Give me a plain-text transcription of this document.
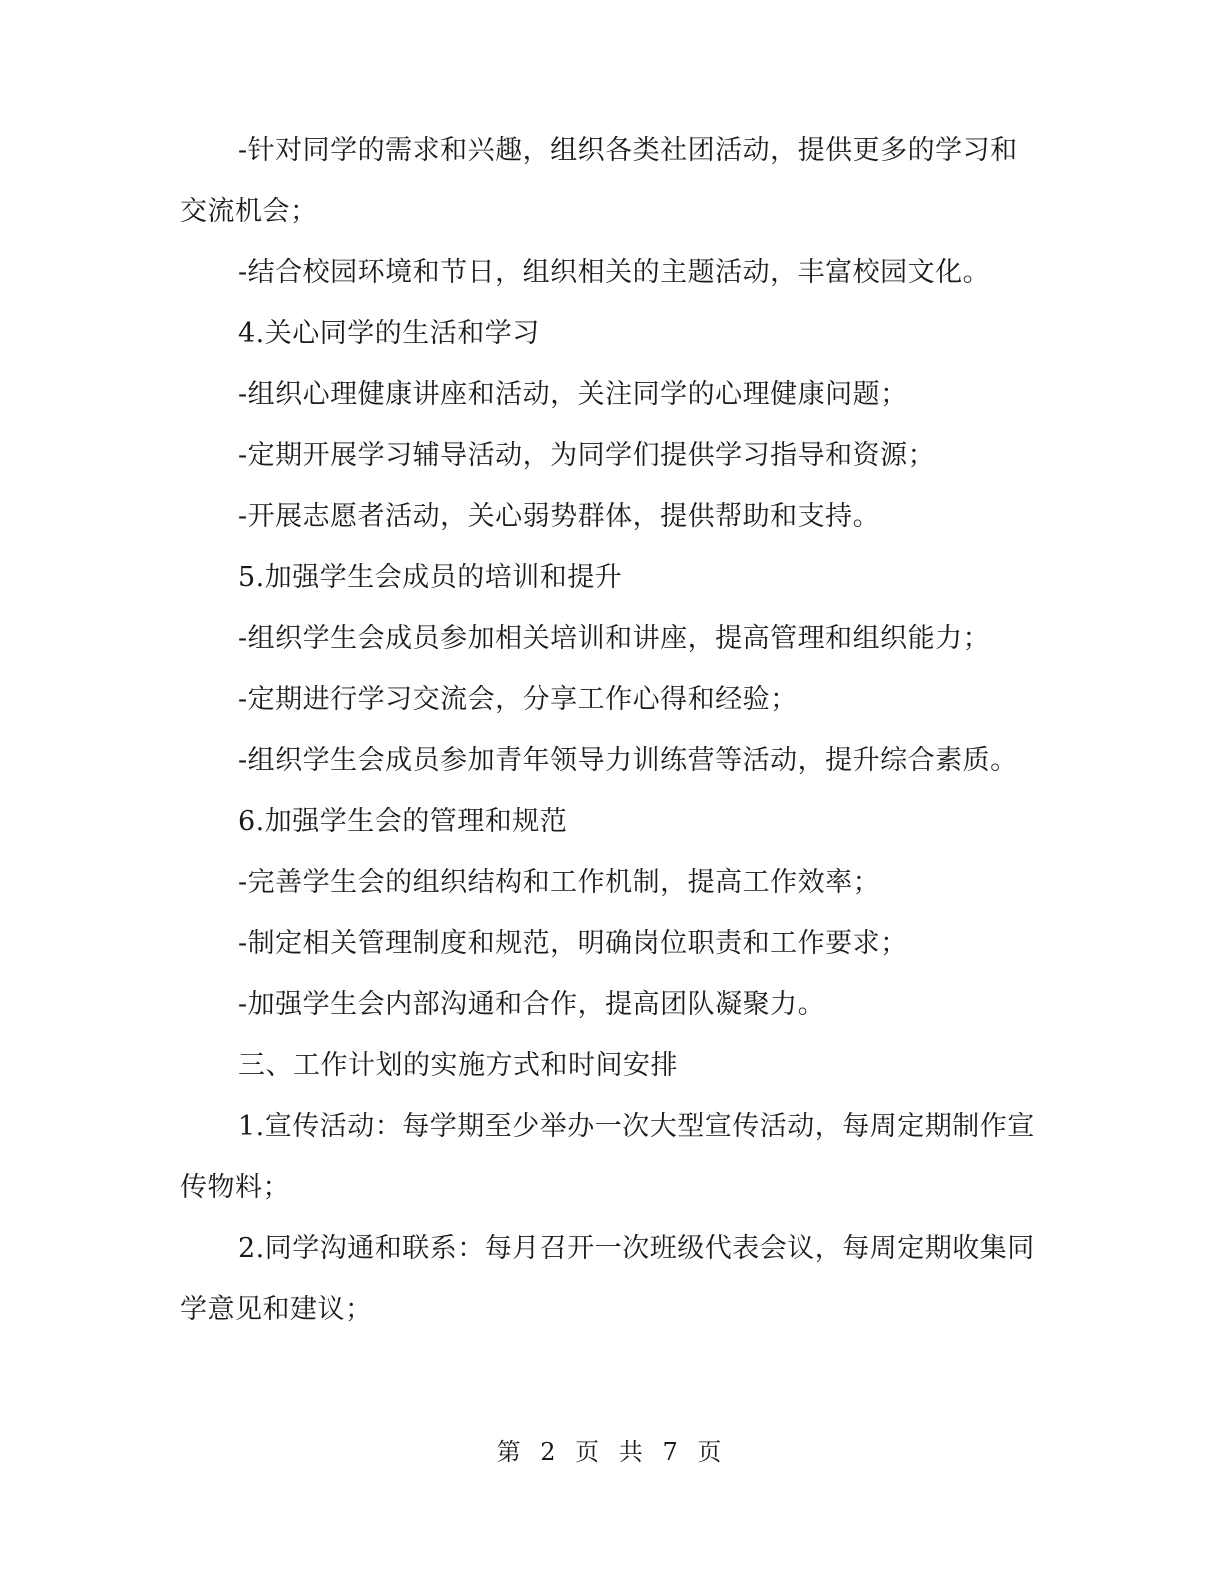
-针对同学的需求和兴趣，组织各类社团活动，提供更多的学习和交流机会；

-结合校园环境和节日，组织相关的主题活动，丰富校园文化。

4.关心同学的生活和学习

-组织心理健康讲座和活动，关注同学的心理健康问题；

-定期开展学习辅导活动，为同学们提供学习指导和资源；

-开展志愿者活动，关心弱势群体，提供帮助和支持。

5.加强学生会成员的培训和提升

-组织学生会成员参加相关培训和讲座，提高管理和组织能力；

-定期进行学习交流会，分享工作心得和经验；

-组织学生会成员参加青年领导力训练营等活动，提升综合素质。

6.加强学生会的管理和规范

-完善学生会的组织结构和工作机制，提高工作效率；

-制定相关管理制度和规范，明确岗位职责和工作要求；

-加强学生会内部沟通和合作，提高团队凝聚力。

三、工作计划的实施方式和时间安排

1.宣传活动：每学期至少举办一次大型宣传活动，每周定期制作宣传物料；

2.同学沟通和联系：每月召开一次班级代表会议，每周定期收集同学意见和建议；

第 2 页 共 7 页
